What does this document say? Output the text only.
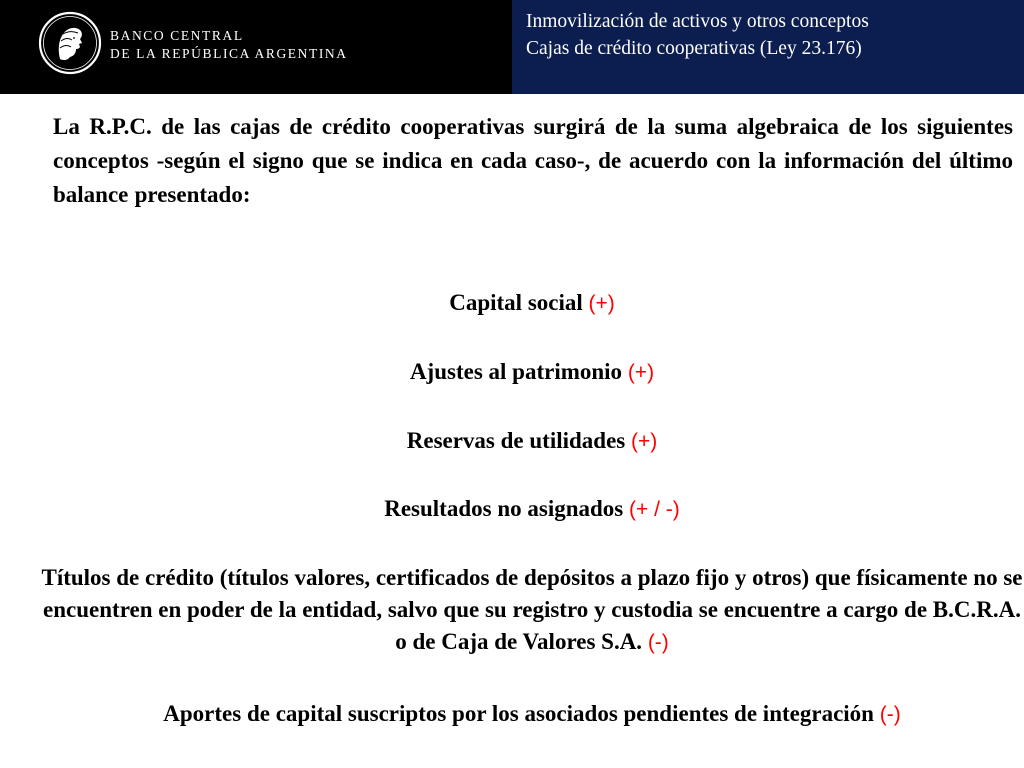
BANCO CENTRAL
DE LA REPÚBLICA ARGENTINA
Inmovilización de activos y otros conceptos
Cajas de crédito cooperativas (Ley 23.176)

La R.P.C. de las cajas de crédito cooperativas surgirá de la suma algebraica de los siguientes conceptos -según el signo que se indica en cada caso-, de acuerdo con la información del último balance presentado:

Capital social (+)
Ajustes al patrimonio (+)
Reservas de utilidades (+)
Resultados no asignados (+ / -)
Títulos de crédito (títulos valores, certificados de depósitos a plazo fijo y otros) que físicamente no se encuentren en poder de la entidad, salvo que su registro y custodia se encuentre a cargo de B.C.R.A. o de Caja de Valores S.A. (-)
Aportes de capital suscriptos por los asociados pendientes de integración (-)
